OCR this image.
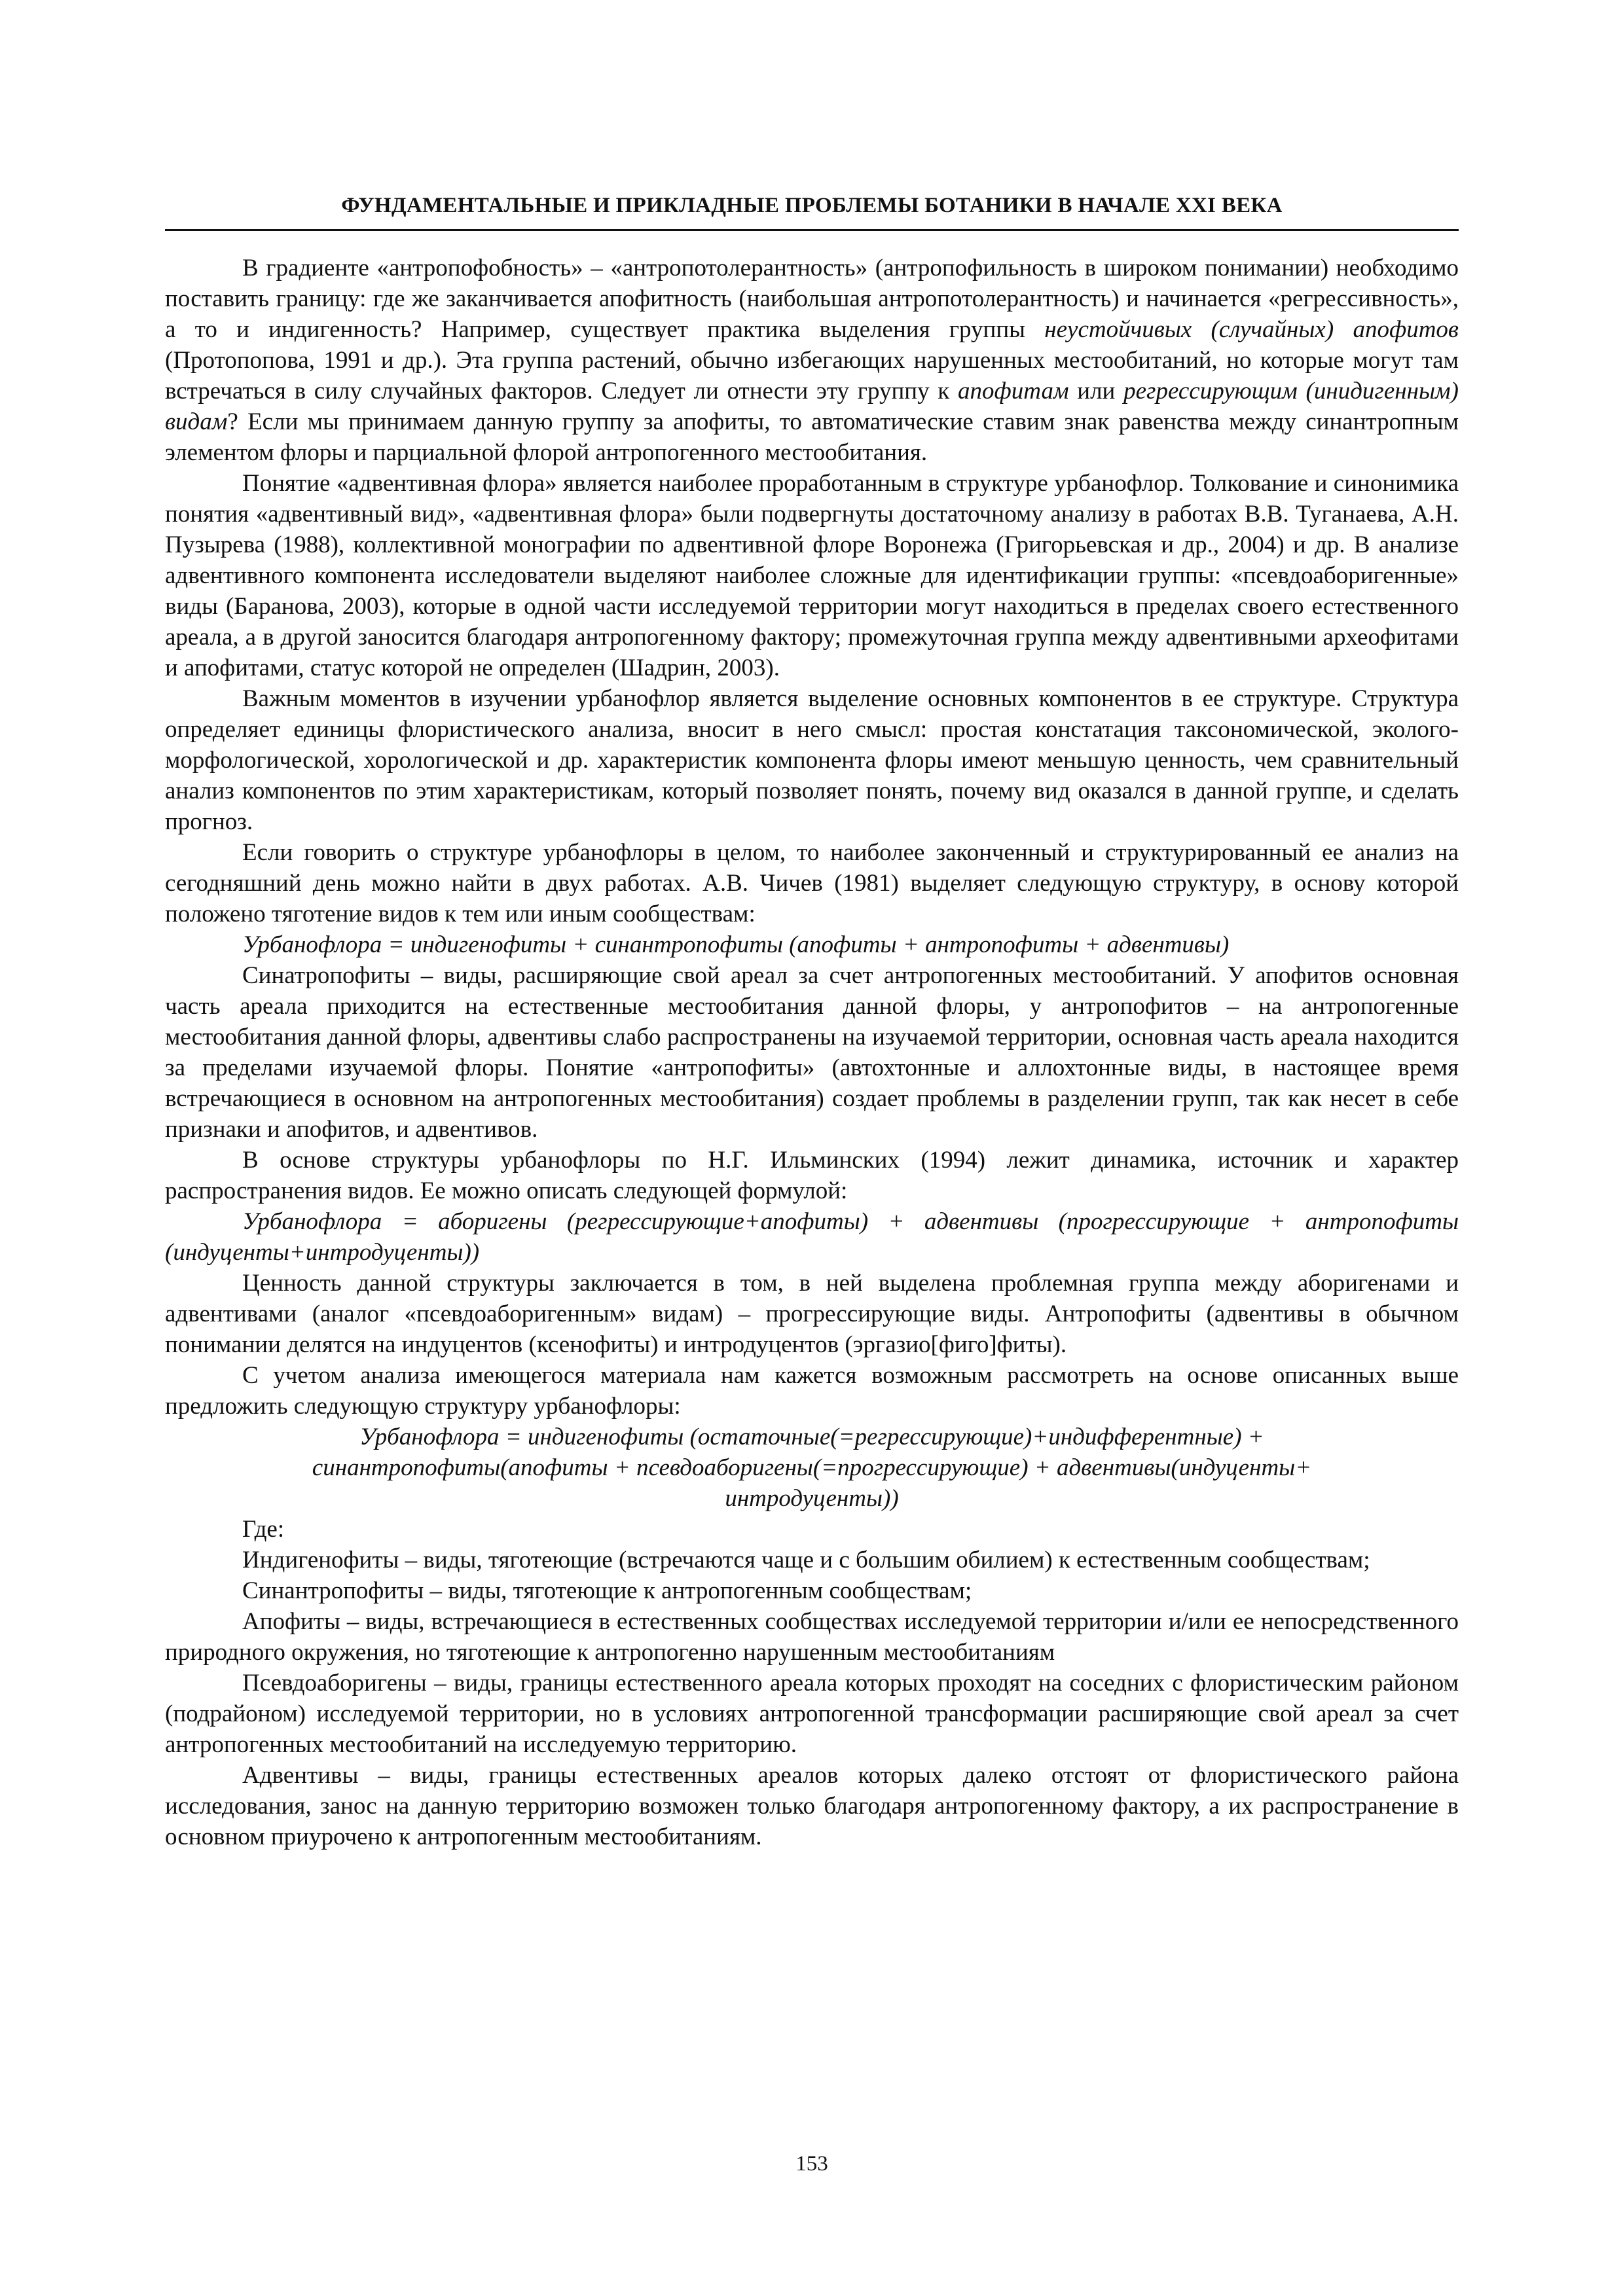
ФУНДАМЕНТАЛЬНЫЕ И ПРИКЛАДНЫЕ ПРОБЛЕМЫ БОТАНИКИ В НАЧАЛЕ XXI ВЕКА

В градиенте «антропофобность» – «антропотолерантность» (антропофильность в широком понимании) необходимо поставить границу: где же заканчивается апофитность (наибольшая антропотолерантность) и начинается «регрессивность», а то и индигенность? Например, существует практика выделения группы неустойчивых (случайных) апофитов (Протопопова, 1991 и др.). Эта группа растений, обычно избегающих нарушенных местообитаний, но которые могут там встречаться в силу случайных факторов. Следует ли отнести эту группу к апофитам или регрессирующим (инидигенным) видам? Если мы принимаем данную группу за апофиты, то автоматические ставим знак равенства между синантропным элементом флоры и парциальной флорой антропогенного местообитания.

Понятие «адвентивная флора» является наиболее проработанным в структуре урбанофлор. Толкование и синонимика понятия «адвентивный вид», «адвентивная флора» были подвергнуты достаточному анализу в работах В.В. Туганаева, А.Н. Пузырева (1988), коллективной монографии по адвентивной флоре Воронежа (Григорьевская и др., 2004) и др. В анализе адвентивного компонента исследователи выделяют наиболее сложные для идентификации группы: «псевдоаборигенные» виды (Баранова, 2003), которые в одной части исследуемой территории могут находиться в пределах своего естественного ареала, а в другой заносится благодаря антропогенному фактору; промежуточная группа между адвентивными археофитами и апофитами, статус которой не определен (Шадрин, 2003).

Важным моментов в изучении урбанофлор является выделение основных компонентов в ее структуре. Структура определяет единицы флористического анализа, вносит в него смысл: простая констатация таксономической, эколого-морфологической, хорологической и др. характеристик компонента флоры имеют меньшую ценность, чем сравнительный анализ компонентов по этим характеристикам, который позволяет понять, почему вид оказался в данной группе, и сделать прогноз.

Если говорить о структуре урбанофлоры в целом, то наиболее законченный и структурированный ее анализ на сегодняшний день можно найти в двух работах. А.В. Чичев (1981) выделяет следующую структуру, в основу которой положено тяготение видов к тем или иным сообществам:

Урбанофлора = индигенофиты + синантропофиты (апофиты + антропофиты + адвентивы)

Синатропофиты – виды, расширяющие свой ареал за счет антропогенных местообитаний. У апофитов основная часть ареала приходится на естественные местообитания данной флоры, у антропофитов – на антропогенные местообитания данной флоры, адвентивы слабо распространены на изучаемой территории, основная часть ареала находится за пределами изучаемой флоры. Понятие «антропофиты» (автохтонные и аллохтонные виды, в настоящее время встречающиеся в основном на антропогенных местообитания) создает проблемы в разделении групп, так как несет в себе признаки и апофитов, и адвентивов.

В основе структуры урбанофлоры по Н.Г. Ильминских (1994) лежит динамика, источник и характер распространения видов. Ее можно описать следующей формулой:

Урбанофлора = аборигены (регрессирующие+апофиты) + адвентивы (прогрессирующие + антропофиты (индуценты+интродуценты))

Ценность данной структуры заключается в том, в ней выделена проблемная группа между аборигенами и адвентивами (аналог «псевдоаборигенным» видам) – прогрессирующие виды. Антропофиты (адвентивы в обычном понимании делятся на индуцентов (ксенофиты) и интродуцентов (эргазио[фиго]фиты).

С учетом анализа имеющегося материала нам кажется возможным рассмотреть на основе описанных выше предложить следующую структуру урбанофлоры:

Урбанофлора = индигенофиты (остаточные(=регрессирующие)+индифферентные) +
синантропофиты(апофиты + псевдоаборигены(=прогрессирующие) + адвентивы(индуценты+
интродуценты))

Где:

Индигенофиты – виды, тяготеющие (встречаются чаще и с большим обилием) к естественным сообществам;

Синантропофиты – виды, тяготеющие к антропогенным сообществам;

Апофиты – виды, встречающиеся в естественных сообществах исследуемой территории и/или ее непосредственного природного окружения, но тяготеющие к антропогенно нарушенным местообитаниям

Псевдоаборигены – виды, границы естественного ареала которых проходят на соседних с флористическим районом (подрайоном) исследуемой территории, но в условиях антропогенной трансформации расширяющие свой ареал за счет антропогенных местообитаний на исследуемую территорию.

Адвентивы – виды, границы естественных ареалов которых далеко отстоят от флористического района исследования, занос на данную территорию возможен только благодаря антропогенному фактору, а их распространение в основном приурочено к антропогенным местообитаниям.

153
